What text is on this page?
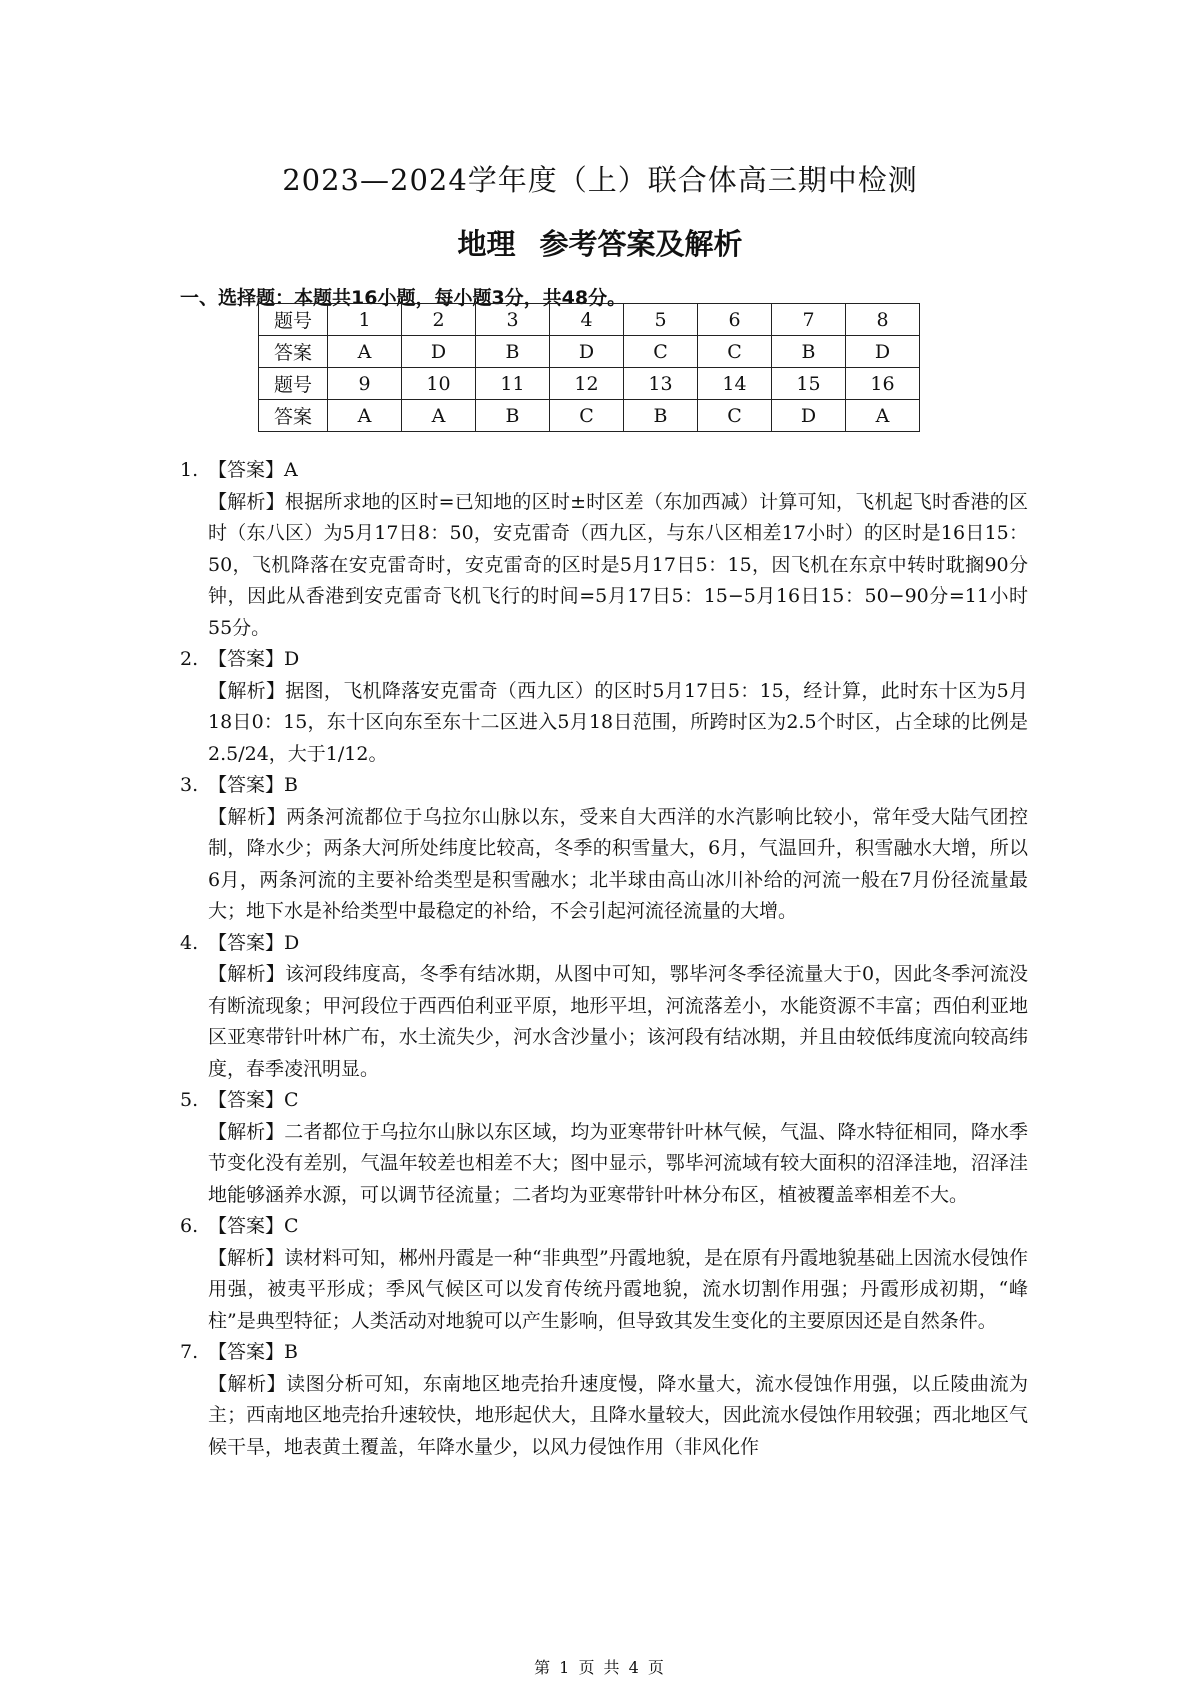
2023—2024学年度（上）联合体高三期中检测
地理 参考答案及解析
一、选择题：本题共16小题，每小题3分，共48分。
题号	1	2	3	4	5	6	7	8
答案	A	D	B	D	C	C	B	D
题号	9	10	11	12	13	14	15	16
答案	A	A	B	C	B	C	D	A
1. 【答案】A
【解析】根据所求地的区时=已知地的区时±时区差（东加西减）计算可知，飞机起飞时香港的区时（东八区）为5月17日8：50，安克雷奇（西九区，与东八区相差17小时）的区时是16日15：50，飞机降落在安克雷奇时，安克雷奇的区时是5月17日5：15，因飞机在东京中转时耽搁90分钟，因此从香港到安克雷奇飞机飞行的时间=5月17日5：15−5月16日15：50−90分=11小时55分。
2. 【答案】D
【解析】据图，飞机降落安克雷奇（西九区）的区时5月17日5：15，经计算，此时东十区为5月18日0：15，东十区向东至东十二区进入5月18日范围，所跨时区为2.5个时区，占全球的比例是2.5/24，大于1/12。
3. 【答案】B
【解析】两条河流都位于乌拉尔山脉以东，受来自大西洋的水汽影响比较小，常年受大陆气团控制，降水少；两条大河所处纬度比较高，冬季的积雪量大，6月，气温回升，积雪融水大增，所以6月，两条河流的主要补给类型是积雪融水；北半球由高山冰川补给的河流一般在7月份径流量最大；地下水是补给类型中最稳定的补给，不会引起河流径流量的大增。
4. 【答案】D
【解析】该河段纬度高，冬季有结冰期，从图中可知，鄂毕河冬季径流量大于0，因此冬季河流没有断流现象；甲河段位于西西伯利亚平原，地形平坦，河流落差小，水能资源不丰富；西伯利亚地区亚寒带针叶林广布，水土流失少，河水含沙量小；该河段有结冰期，并且由较低纬度流向较高纬度，春季凌汛明显。
5. 【答案】C
【解析】二者都位于乌拉尔山脉以东区域，均为亚寒带针叶林气候，气温、降水特征相同，降水季节变化没有差别，气温年较差也相差不大；图中显示，鄂毕河流域有较大面积的沼泽洼地，沼泽洼地能够涵养水源，可以调节径流量；二者均为亚寒带针叶林分布区，植被覆盖率相差不大。
6. 【答案】C
【解析】读材料可知，郴州丹霞是一种“非典型”丹霞地貌，是在原有丹霞地貌基础上因流水侵蚀作用强，被夷平形成；季风气候区可以发育传统丹霞地貌，流水切割作用强；丹霞形成初期，“峰柱”是典型特征；人类活动对地貌可以产生影响，但导致其发生变化的主要原因还是自然条件。
7. 【答案】B
【解析】读图分析可知，东南地区地壳抬升速度慢，降水量大，流水侵蚀作用强，以丘陵曲流为主；西南地区地壳抬升速较快，地形起伏大，且降水量较大，因此流水侵蚀作用较强；西北地区气候干旱，地表黄土覆盖，年降水量少，以风力侵蚀作用（非风化作
第 1 页 共 4 页
